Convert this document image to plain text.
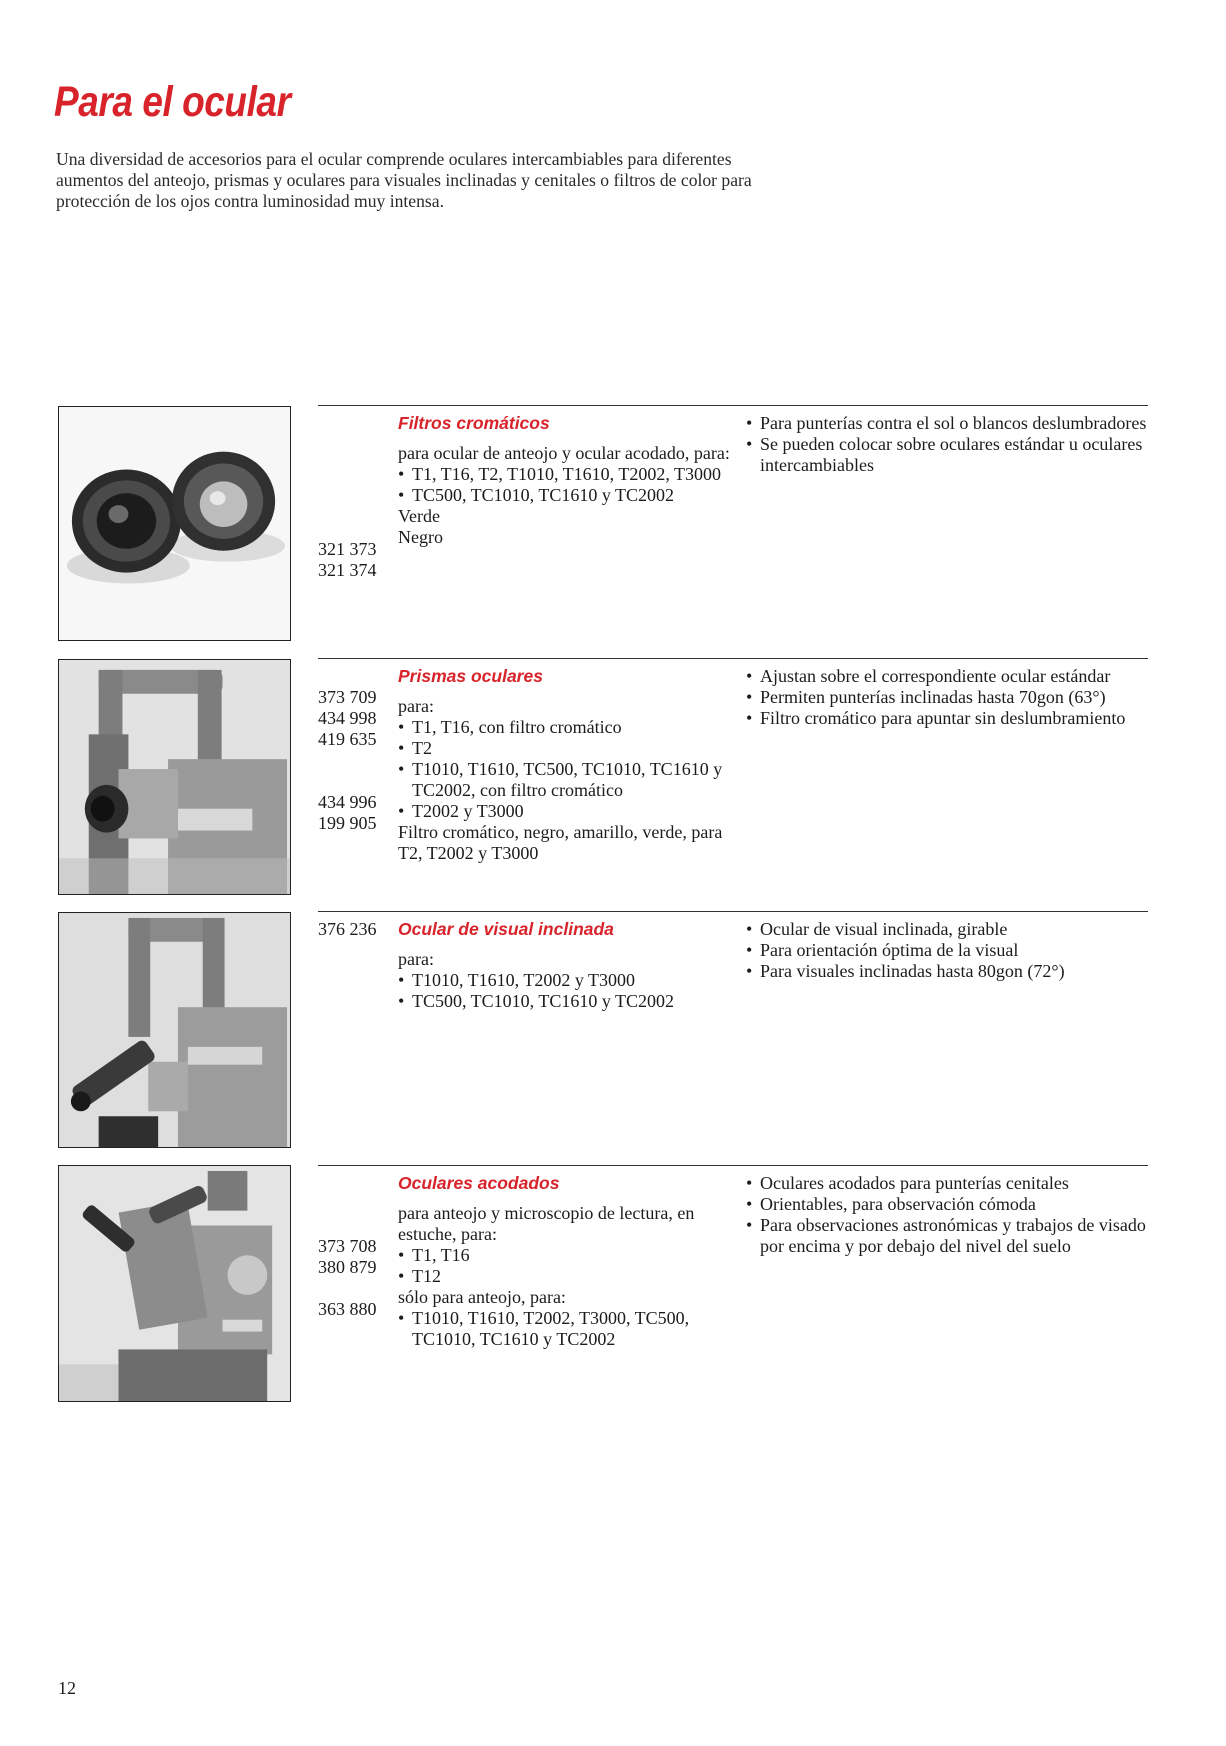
Para el ocular

Una diversidad de accesorios para el ocular comprende oculares intercambiables para diferentes aumentos del anteojo, prismas y oculares para visuales inclinadas y cenitales o filtros de color para protección de los ojos contra luminosidad muy intensa.

321 373
321 374
Filtros cromáticos
para ocular de anteojo y ocular acodado, para:
• T1, T16, T2, T1010, T1610, T2002, T3000
• TC500, TC1010, TC1610 y TC2002
Verde
Negro
• Para punterías contra el sol o blancos deslumbradores
• Se pueden colocar sobre oculares estándar u oculares intercambiables
373 709
434 998
419 635
434 996
199 905
Prismas oculares
para:
• T1, T16, con filtro cromático
• T2
• T1010, T1610, TC500, TC1010, TC1610 y TC2002, con filtro cromático
• T2002 y T3000
Filtro cromático, negro, amarillo, verde, para T2, T2002 y T3000
• Ajustan sobre el correspondiente ocular estándar
• Permiten punterías inclinadas hasta 70gon (63°)
• Filtro cromático para apuntar sin deslumbramiento
376 236	Ocular de visual inclinada
para:
• T1010, T1610, T2002 y T3000
• TC500, TC1010, TC1610 y TC2002
• Ocular de visual inclinada, girable
• Para orientación óptima de la visual
• Para visuales inclinadas hasta 80gon (72°)
373 708
380 879
363 880
Oculares acodados
para anteojo y microscopio de lectura, en estuche, para:
• T1, T16
• T12
sólo para anteojo, para:
• T1010, T1610, T2002, T3000, TC500, TC1010, TC1610 y TC2002
• Oculares acodados para punterías cenitales
• Orientables, para observación cómoda
• Para observaciones astronómicas y trabajos de visado por encima y por debajo del nivel del suelo
12
